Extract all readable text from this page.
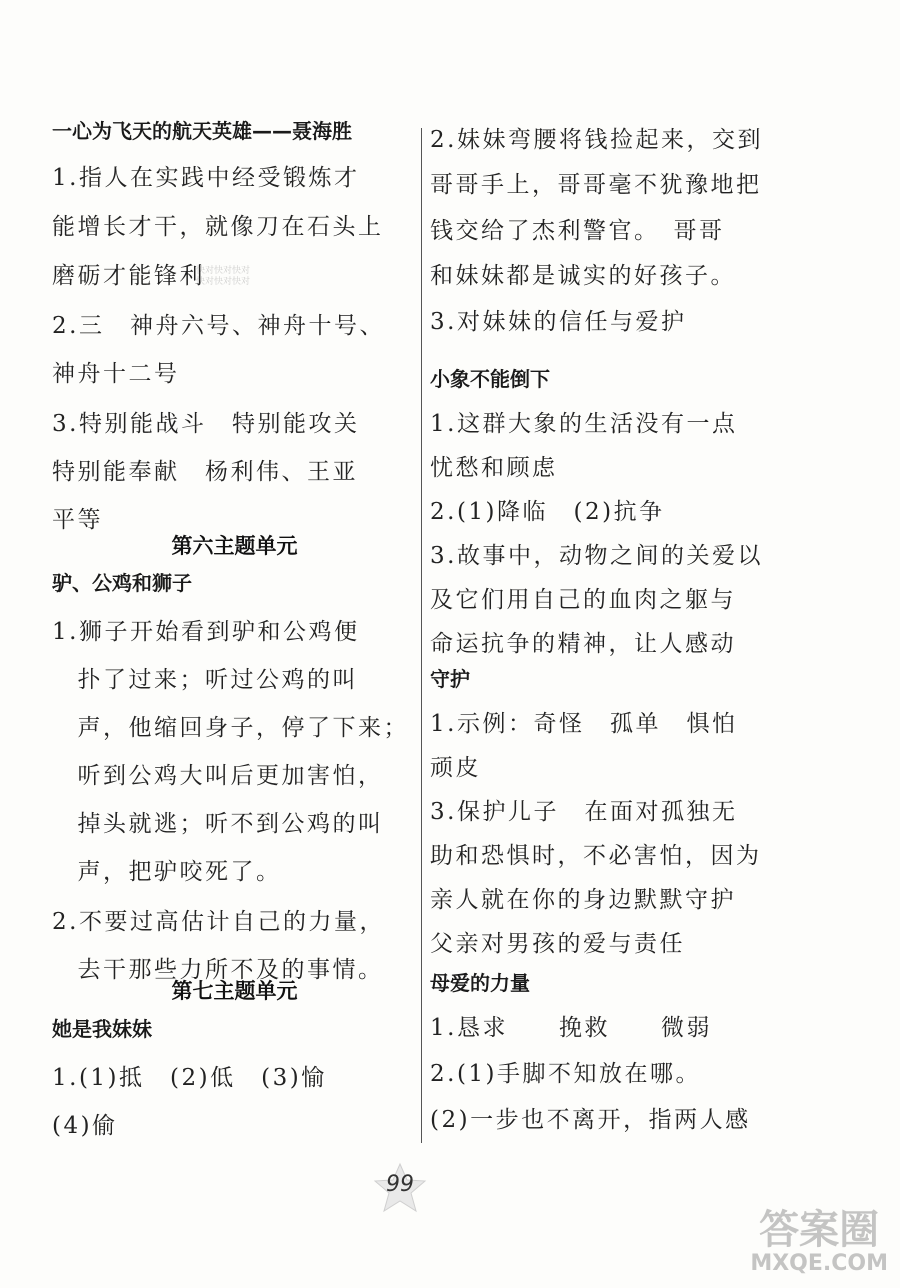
一心为飞天的航天英雄——聂海胜
1.指人在实践中经受锻炼才
能增长才干，就像刀在石头上
磨砺才能锋利
2.三　神舟六号、神舟十号、
神舟十二号
3.特别能战斗　特别能攻关
特别能奉献　杨利伟、王亚
平等
第六主题单元
驴、公鸡和狮子
1.狮子开始看到驴和公鸡便
　扑了过来；听过公鸡的叫
　声，他缩回身子，停了下来；
　听到公鸡大叫后更加害怕，
　掉头就逃；听不到公鸡的叫
　声，把驴咬死了。
2.不要过高估计自己的力量，
　去干那些力所不及的事情。
第七主题单元
她是我妹妹
1.(1)抵　(2)低　(3)愉
(4)偷
2.妹妹弯腰将钱捡起来，交到
哥哥手上，哥哥毫不犹豫地把
钱交给了杰利警官。　哥哥
和妹妹都是诚实的好孩子。
3.对妹妹的信任与爱护
小象不能倒下
1.这群大象的生活没有一点
忧愁和顾虑
2.(1)降临　(2)抗争
3.故事中，动物之间的关爱以
及它们用自己的血肉之躯与
命运抗争的精神，让人感动
守护
1.示例：奇怪　孤单　惧怕
顽皮
3.保护儿子　在面对孤独无
助和恐惧时，不必害怕，因为
亲人就在你的身边默默守护
父亲对男孩的爱与责任
母爱的力量
1.恳求　　挽救　　微弱
2.(1)手脚不知放在哪。
(2)一步也不离开，指两人感
快对快对快对
快对快对快对
99
答案圈
MXQE.COM
